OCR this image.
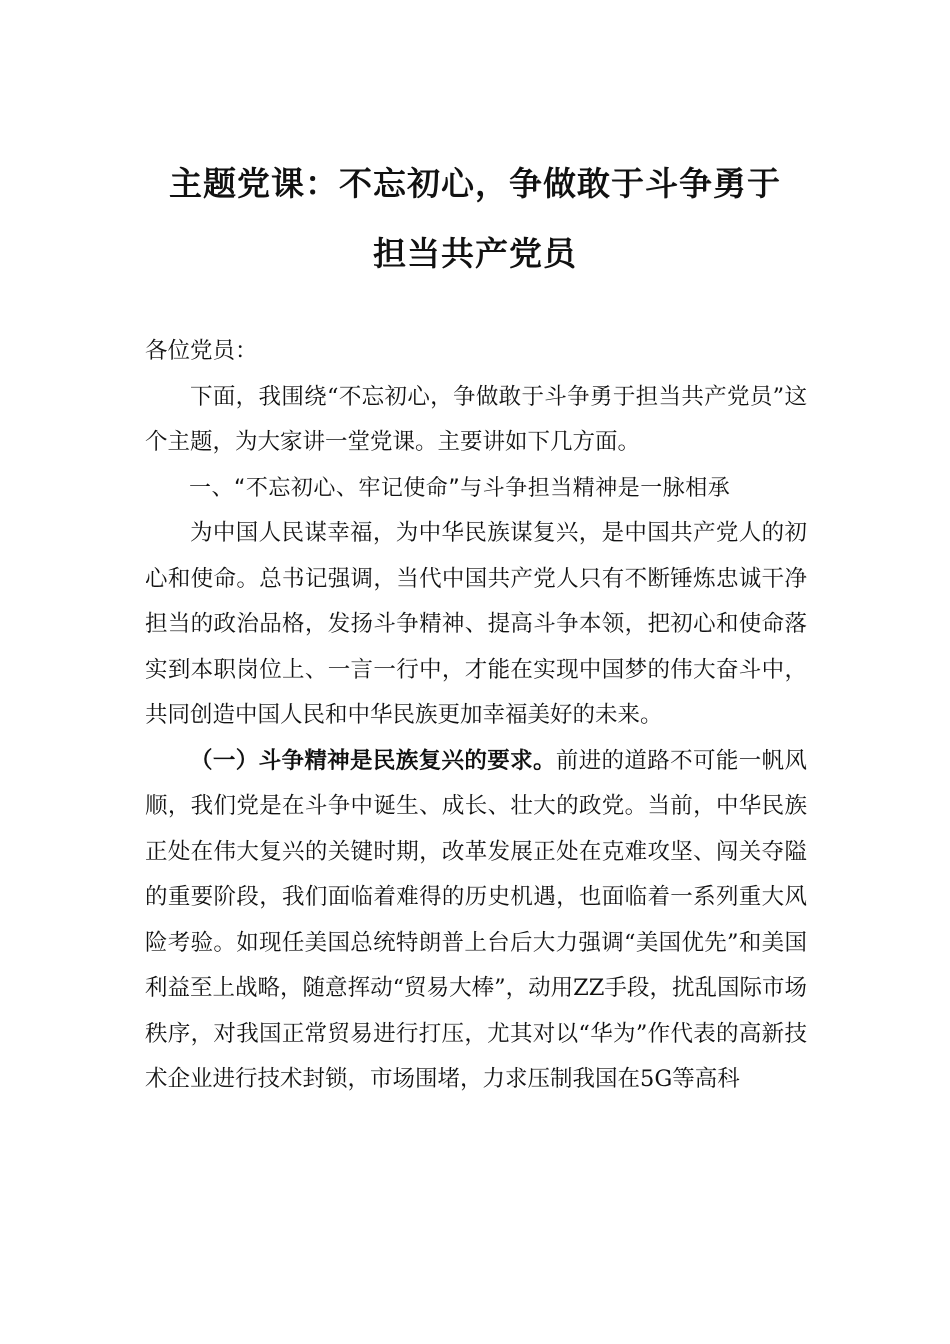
主题党课：不忘初心，争做敢于斗争勇于
担当共产党员

各位党员：

下面，我围绕“不忘初心，争做敢于斗争勇于担当共产党员”这个主题，为大家讲一堂党课。主要讲如下几方面。

一、“不忘初心、牢记使命”与斗争担当精神是一脉相承

为中国人民谋幸福，为中华民族谋复兴，是中国共产党人的初心和使命。总书记强调，当代中国共产党人只有不断锤炼忠诚干净担当的政治品格，发扬斗争精神、提高斗争本领，把初心和使命落实到本职岗位上、一言一行中，才能在实现中国梦的伟大奋斗中，共同创造中国人民和中华民族更加幸福美好的未来。

（一）斗争精神是民族复兴的要求。前进的道路不可能一帆风顺，我们党是在斗争中诞生、成长、壮大的政党。当前，中华民族正处在伟大复兴的关键时期，改革发展正处在克难攻坚、闯关夺隘的重要阶段，我们面临着难得的历史机遇，也面临着一系列重大风险考验。如现任美国总统特朗普上台后大力强调“美国优先”和美国利益至上战略，随意挥动“贸易大棒”，动用ZZ手段，扰乱国际市场秩序，对我国正常贸易进行打压，尤其对以“华为”作代表的高新技术企业进行技术封锁，市场围堵，力求压制我国在5G等高科
